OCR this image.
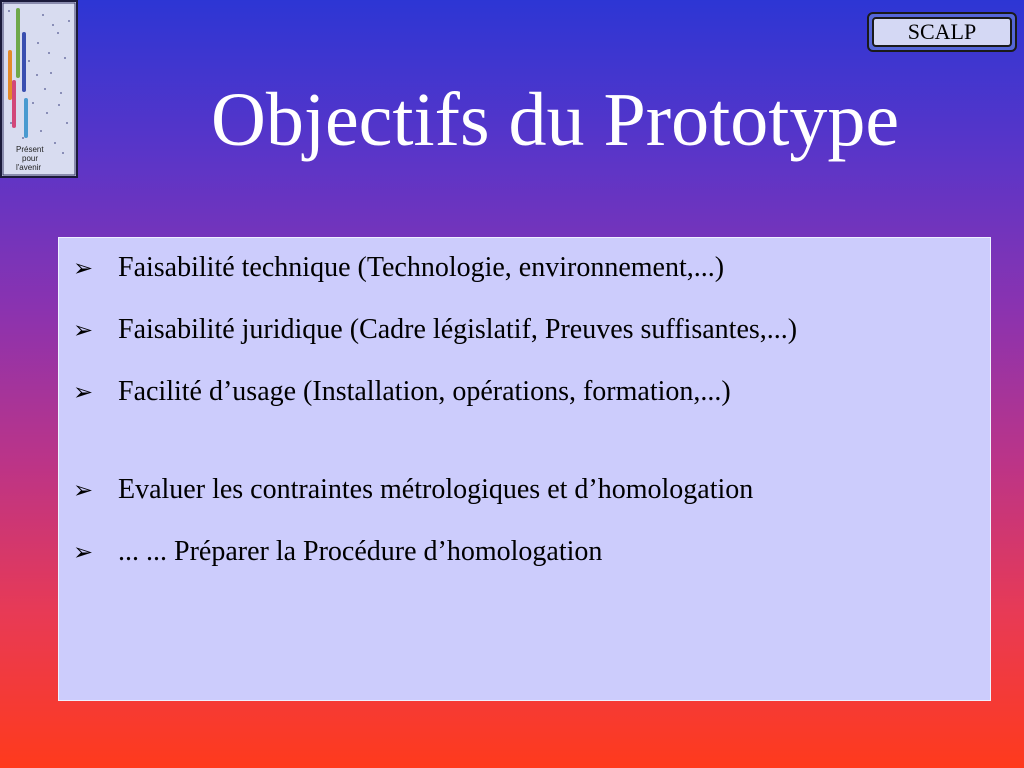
Présent
pour
l'avenir
SCALP
Objectifs du Prototype
➢ Faisabilité technique (Technologie, environnement,...)
➢ Faisabilité juridique (Cadre législatif, Preuves suffisantes,...)
➢ Facilité d’usage (Installation, opérations, formation,...)
➢ Evaluer les contraintes métrologiques et d’homologation
➢ ... ... Préparer la Procédure d’homologation
